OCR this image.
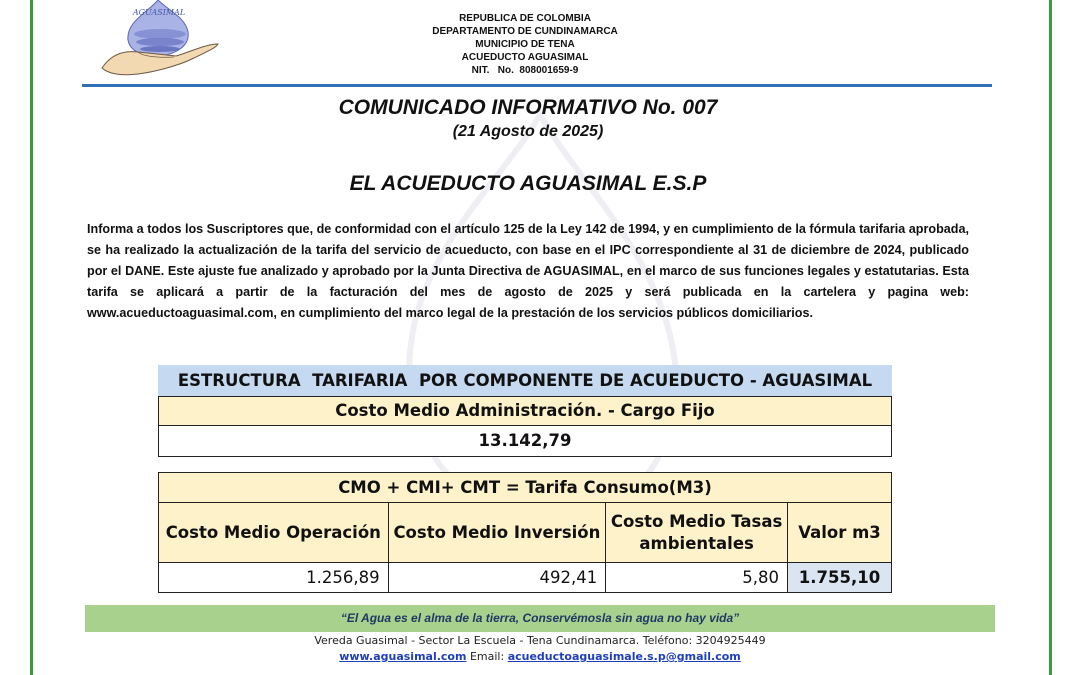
AGUASIMAL
REPUBLICA DE COLOMBIA
DEPARTAMENTO DE CUNDINAMARCA
MUNICIPIO DE TENA
ACUEDUCTO AGUASIMAL
NIT.   No.  808001659-9
COMUNICADO INFORMATIVO No. 007
(21 Agosto de 2025)
EL ACUEDUCTO AGUASIMAL E.S.P
Informa a todos los Suscriptores que, de conformidad con el artículo 125 de la Ley 142 de 1994, y en cumplimiento de la fórmula tarifaria aprobada, se ha realizado la actualización de la tarifa del servicio de acueducto, con base en el IPC correspondiente al 31 de diciembre de 2024, publicado por el DANE. Este ajuste fue analizado y aprobado por la Junta Directiva de AGUASIMAL, en el marco de sus funciones legales y estatutarias. Esta tarifa se aplicará a partir de la facturación del mes de agosto de 2025 y será publicada en la cartelera y pagina web: www.acueductoaguasimal.com, en cumplimiento del marco legal de la prestación de los servicios públicos domiciliarios.
ESTRUCTURA  TARIFARIA  POR COMPONENTE DE ACUEDUCTO - AGUASIMAL
Costo Medio Administración. - Cargo Fijo
13.142,79
CMO + CMI+ CMT = Tarifa Consumo(M3)			
Costo Medio Operación	Costo Medio Inversión	Costo Medio Tasas ambientales	Valor m3
1.256,89	492,41	5,80	1.755,10
“El Agua es el alma de la tierra, Conservémosla sin agua no hay vida”
Vereda Guasimal - Sector La Escuela - Tena Cundinamarca. Teléfono: 3204925449
www.aguasimal.com Email: acueductoaguasimale.s.p@gmail.com
